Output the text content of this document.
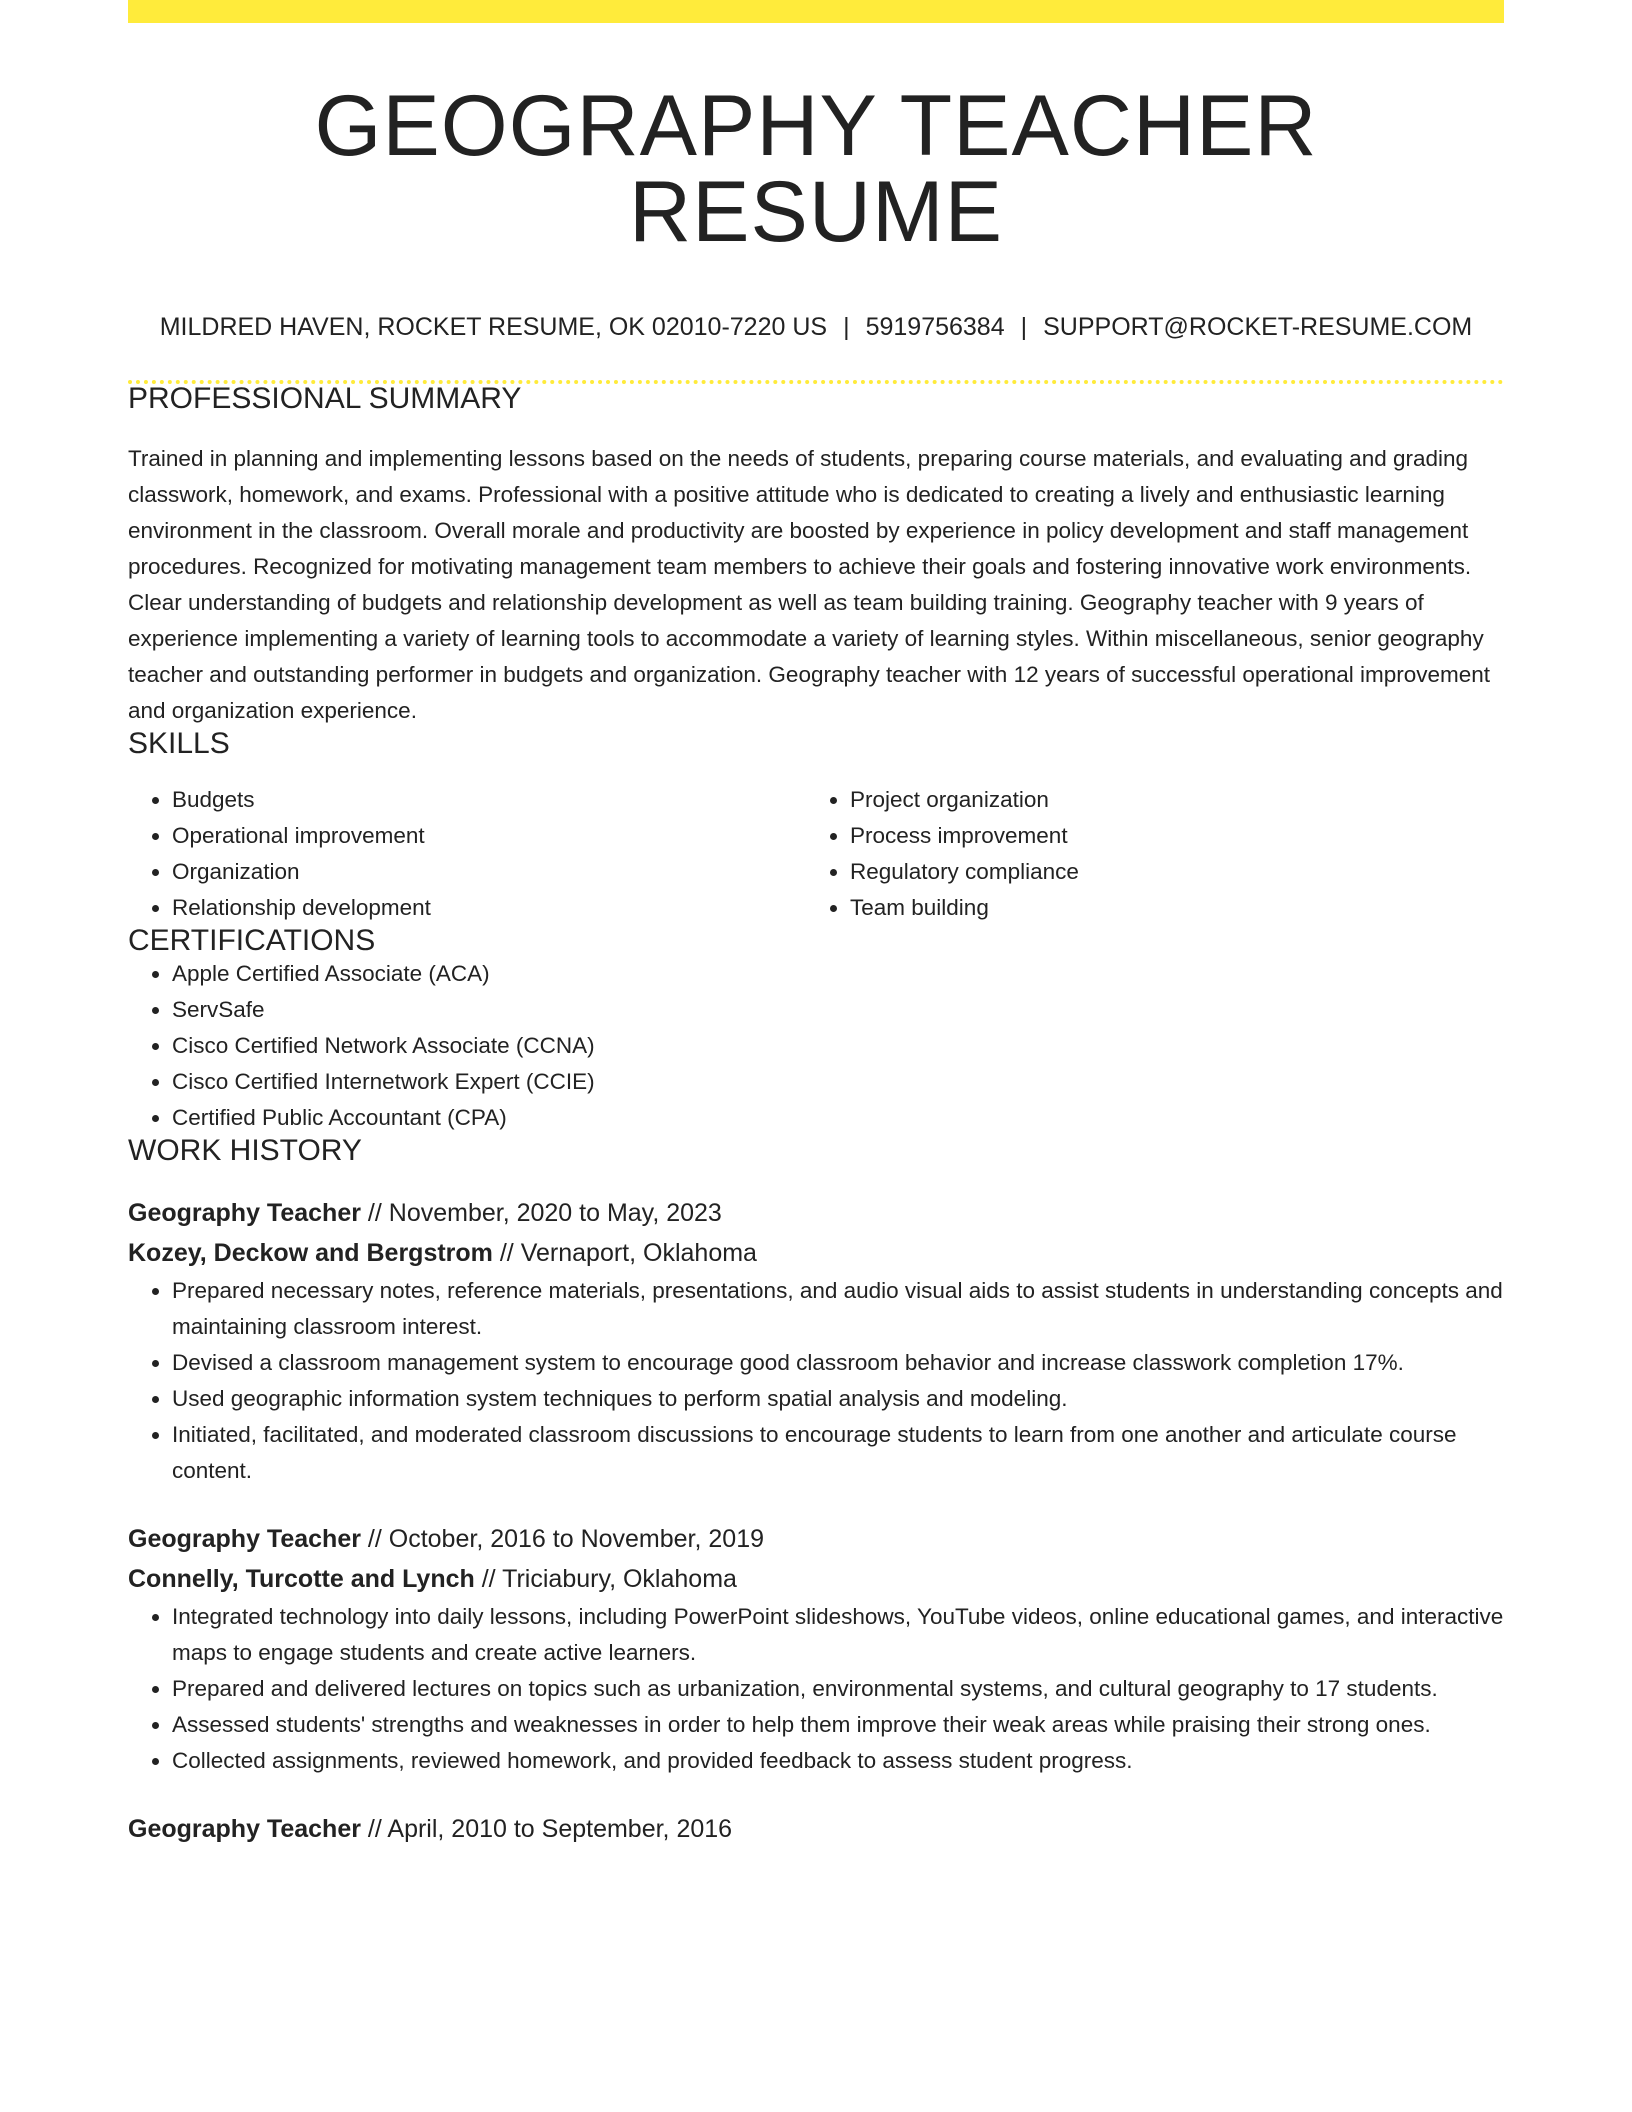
GEOGRAPHY TEACHER RESUME
MILDRED HAVEN, ROCKET RESUME, OK 02010-7220 US | 5919756384 | SUPPORT@ROCKET-RESUME.COM
PROFESSIONAL SUMMARY
Trained in planning and implementing lessons based on the needs of students, preparing course materials, and evaluating and grading classwork, homework, and exams. Professional with a positive attitude who is dedicated to creating a lively and enthusiastic learning environment in the classroom. Overall morale and productivity are boosted by experience in policy development and staff management procedures. Recognized for motivating management team members to achieve their goals and fostering innovative work environments. Clear understanding of budgets and relationship development as well as team building training. Geography teacher with 9 years of experience implementing a variety of learning tools to accommodate a variety of learning styles. Within miscellaneous, senior geography teacher and outstanding performer in budgets and organization. Geography teacher with 12 years of successful operational improvement and organization experience.
SKILLS
• Budgets
• Operational improvement
• Organization
• Relationship development
• Project organization
• Process improvement
• Regulatory compliance
• Team building
CERTIFICATIONS
• Apple Certified Associate (ACA)
• ServSafe
• Cisco Certified Network Associate (CCNA)
• Cisco Certified Internetwork Expert (CCIE)
• Certified Public Accountant (CPA)
WORK HISTORY
Geography Teacher // November, 2020 to May, 2023
Kozey, Deckow and Bergstrom // Vernaport, Oklahoma
• Prepared necessary notes, reference materials, presentations, and audio visual aids to assist students in understanding concepts and maintaining classroom interest.
• Devised a classroom management system to encourage good classroom behavior and increase classwork completion 17%.
• Used geographic information system techniques to perform spatial analysis and modeling.
• Initiated, facilitated, and moderated classroom discussions to encourage students to learn from one another and articulate course content.
Geography Teacher // October, 2016 to November, 2019
Connelly, Turcotte and Lynch // Triciabury, Oklahoma
• Integrated technology into daily lessons, including PowerPoint slideshows, YouTube videos, online educational games, and interactive maps to engage students and create active learners.
• Prepared and delivered lectures on topics such as urbanization, environmental systems, and cultural geography to 17 students.
• Assessed students' strengths and weaknesses in order to help them improve their weak areas while praising their strong ones.
• Collected assignments, reviewed homework, and provided feedback to assess student progress.
Geography Teacher // April, 2010 to September, 2016
